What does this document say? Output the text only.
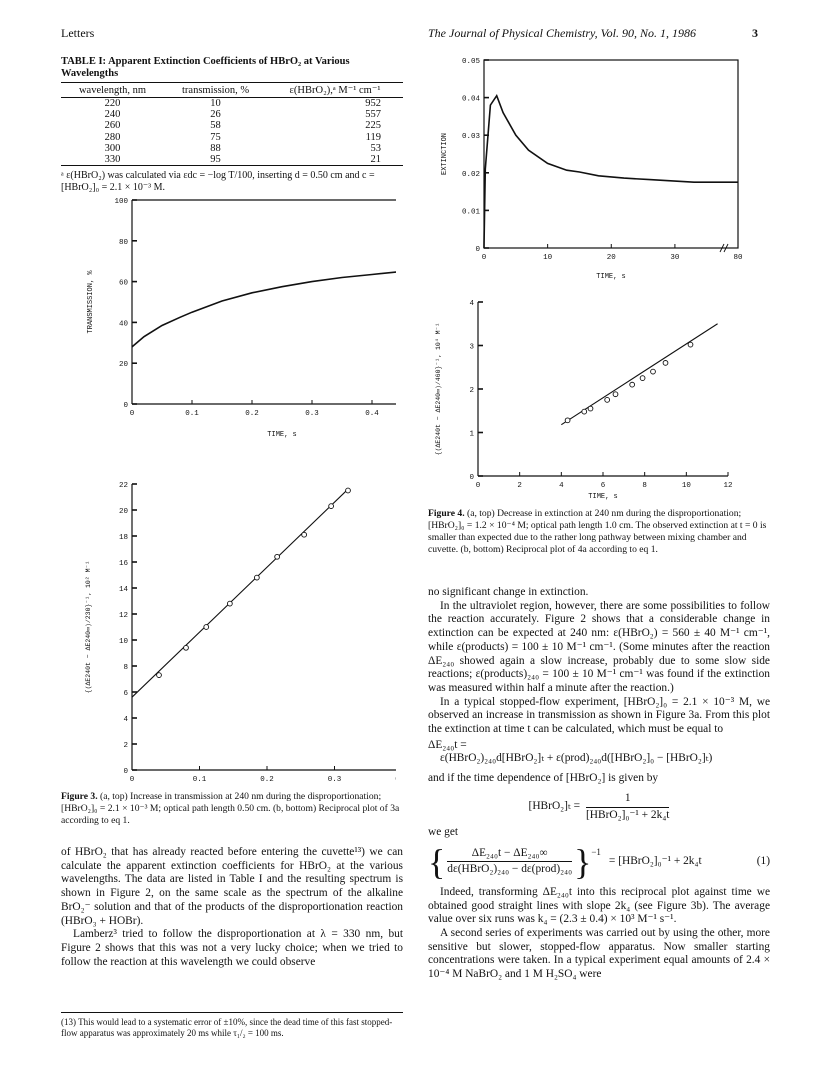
Letters	The Journal of Physical Chemistry, Vol. 90, No. 1, 1986	3
TABLE I: Apparent Extinction Coefficients of HBrO₂ at Various Wavelengths
wavelength, nm	transmission, %	ε(HBrO₂),ᵃ M⁻¹ cm⁻¹
220	10	952
240	26	557
260	58	225
280	75	119
300	88	53
330	95	21
ᵃ ε(HBrO₂) was calculated via εdc = −log T/100, inserting d = 0.50 cm and c = [HBrO₂]₀ = 2.1 × 10⁻³ M.
0	0.1	0.2	0.3	0.4
0
20
40
60
80
100
TIME, s
TRANSMISSION, %
0	0.1	0.2	0.3
0
2
4
6
8
10
12
14
16
18
20
22
{(ΔE240t − ΔE240∞)/230}⁻¹, 10² M⁻¹
Figure 3. (a, top) Increase in transmission at 240 nm during the disproportionation; [HBrO₂]₀ = 2.1 × 10⁻³ M; optical path length 0.50 cm. (b, bottom) Reciprocal plot of 3a according to eq 1.

of HBrO₂ that has already reacted before entering the cuvette¹³) we can calculate the apparent extinction coefficients for HBrO₂ at the various wavelengths. The data are listed in Table I and the resulting spectrum is shown in Figure 2, on the same scale as the spectrum of the alkaline BrO₂⁻ solution and that of the products of the disproportionation reaction (HBrO₃ + HOBr).

Lamberz³ tried to follow the disproportionation at λ = 330 nm, but Figure 2 shows that this was not a very lucky choice; when we tried to follow the reaction at this wavelength we could observe

(13) This would lead to a systematic error of ±10%, since the dead time of this fast stopped-flow apparatus was approximately 20 ms while τ₁/₂ = 100 ms.
0	10	20	30	80
0
0.01
0.02
0.03
0.04
0.05
TIME, s
EXTINCTION
0	2	4	6	8	10	12
0
1
2
3
4
TIME, s
{(ΔE240t − ΔE240∞)/460}⁻¹, 10⁴ M⁻¹
Figure 4. (a, top) Decrease in extinction at 240 nm during the disproportionation; [HBrO₂]₀ = 1.2 × 10⁻⁴ M; optical path length 1.0 cm. The observed extinction at t = 0 is smaller than expected due to the rather long pathway between mixing chamber and cuvette. (b, bottom) Reciprocal plot of 4a according to eq 1.

no significant change in extinction.

In the ultraviolet region, however, there are some possibilities to follow the reaction accurately. Figure 2 shows that a considerable change in extinction can be expected at 240 nm: ε(HBrO₂) = 560 ± 40 M⁻¹ cm⁻¹, while ε(products) = 100 ± 10 M⁻¹ cm⁻¹. (Some minutes after the reaction ΔE₂₄₀ showed again a slow increase, probably due to some slow side reactions; ε(products)₂₄₀ = 100 ± 10 M⁻¹ cm⁻¹ was found if the extinction was measured within half a minute after the reaction.)

In a typical stopped-flow experiment, [HBrO₂]₀ = 2.1 × 10⁻³ M, we observed an increase in transmission as shown in Figure 3a. From this plot the extinction at time t can be calculated, which must be equal to

ΔE₂₄₀t =
ε(HBrO₂)₂₄₀d[HBrO₂]ₜ + ε(prod)₂₄₀d([HBrO₂]₀ − [HBrO₂]ₜ)

and if the time dependence of [HBrO₂] is given by

[HBrO₂]ₜ =
1
[HBrO₂]₀⁻¹ + 2k₄t

we get

{ ΔE₂₄₀t − ΔE₂₄₀∞
dε(HBrO₂)₂₄₀ − dε(prod)₂₄₀ }$^{-1}$
= [HBrO₂]₀⁻¹ + 2k₄t	(1)

Indeed, transforming ΔE₂₄₀t into this reciprocal plot against time we obtained good straight lines with slope 2k₄ (see Figure 3b). The average value over six runs was k₄ = (2.3 ± 0.4) × 10³ M⁻¹ s⁻¹.

A second series of experiments was carried out by using the other, more sensitive but slower, stopped-flow apparatus. Now smaller starting concentrations were taken. In a typical experiment equal amounts of 2.4 × 10⁻⁴ M NaBrO₂ and 1 M H₂SO₄ were
